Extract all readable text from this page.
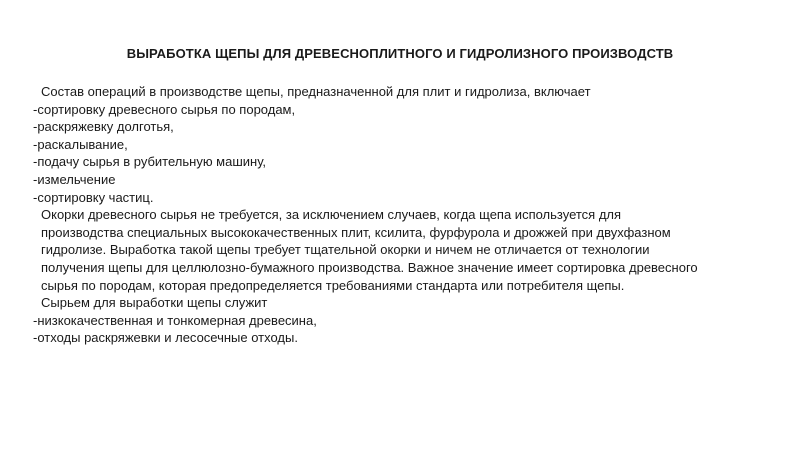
ВЫРАБОТКА ЩЕПЫ ДЛЯ ДРЕВЕСНОПЛИТНОГО И ГИДРОЛИЗНОГО ПРОИЗВОДСТВ
Состав операций в производстве щепы, предназначенной для плит и гидролиза, включает
-сортировку древесного сырья по породам,
-раскряжевку долготья,
-раскалывание,
-подачу сырья в рубительную машину,
-измельчение
-сортировку частиц.
Окорки древесного сырья не требуется, за исключением случаев, когда щепа используется для
производства специальных высококачественных плит, ксилита, фурфурола и дрожжей при двухфазном
гидролизе. Выработка такой щепы требует тщательной окорки и ничем не отличается от технологии
получения щепы для целлюлозно-бумажного производства. Важное значение имеет сортировка древесного
сырья по породам, которая предопределяется требованиями стандарта или потребителя щепы.
Сырьем для выработки щепы служит
-низкокачественная и тонкомерная древесина,
-отходы раскряжевки и лесосечные отходы.
